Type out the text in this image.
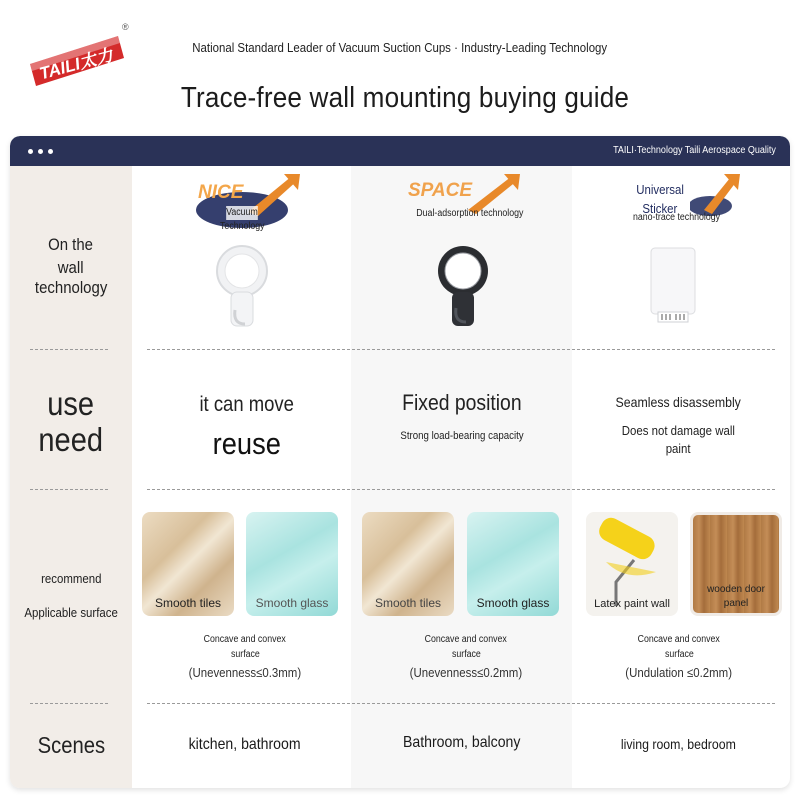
TAILI太力
®
National Standard Leader of Vacuum Suction Cups · Industry-Leading Technology
Trace-free wall mounting buying guide
TAILI·Technology Taili Aerospace Quality
On the
wall
technology
use
need
recommend
Applicable surface
Scenes
NICE
Vacuum
Technology
it can move
reuse
Smooth tiles	Smooth glass
Concave and convex
surface
(Unevenness≤0.3mm)
kitchen, bathroom
SPACE
Dual-adsorption technology
Fixed position
Strong load-bearing capacity
Smooth tiles	Smooth glass
Concave and convex
surface
(Unevenness≤0.2mm)
Bathroom, balcony
Universal
Sticker
nano-trace technology
Seamless disassembly
Does not damage wall
paint
Latex paint wall
wooden door
panel
Concave and convex
surface
(Undulation ≤0.2mm)
living room, bedroom
